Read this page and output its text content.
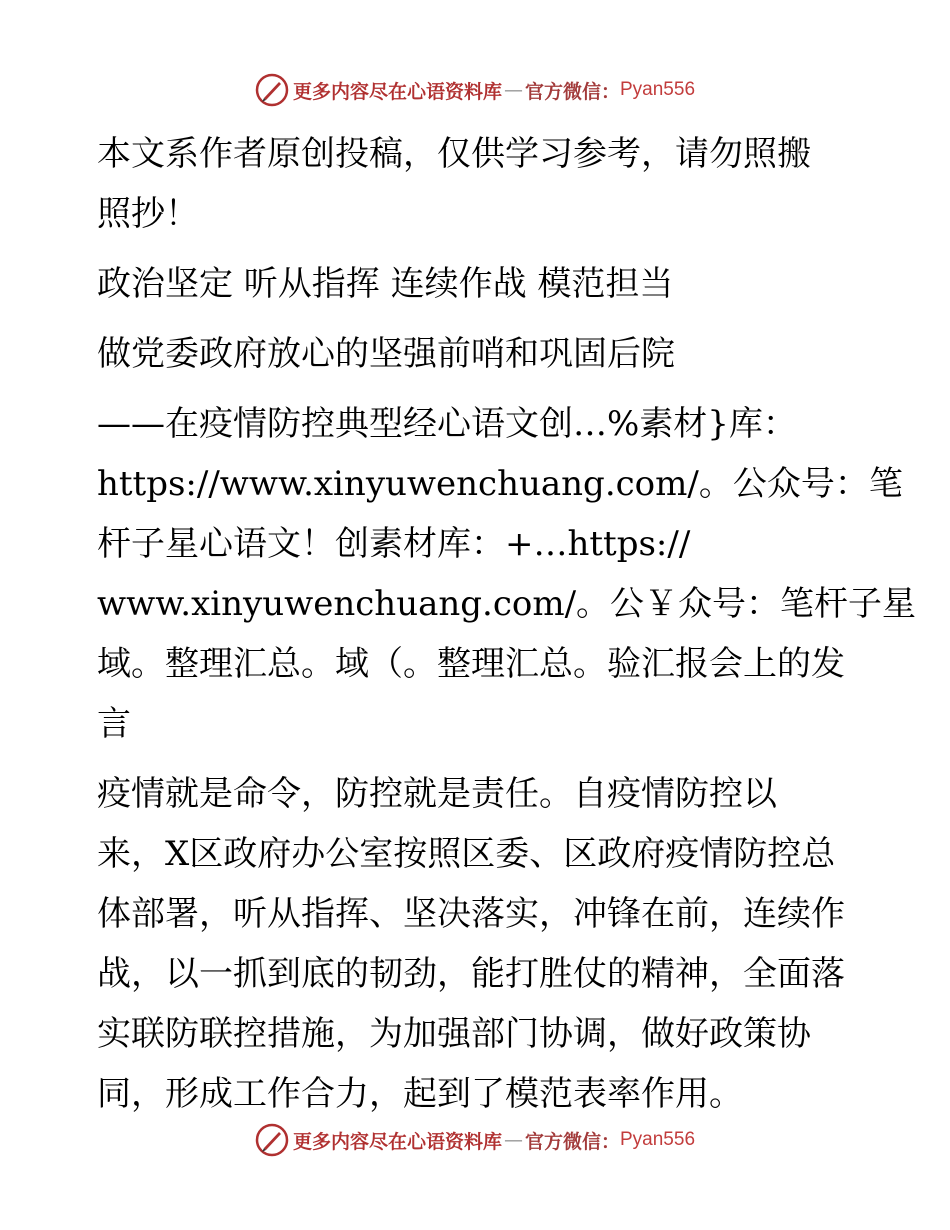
更多内容尽在心语资料库 — 官方微信： Pyan556

本文系作者原创投稿，仅供学习参考，请勿照搬
照抄！

政治坚定 听从指挥 连续作战 模范担当

做党委政府放心的坚强前哨和巩固后院

——在疫情防控典型经心语文创…%素材}库：
https://www.xinyuwenchuang.com/。公众号：笔
杆子星心语文！创素材库：+…https://
www.xinyuwenchuang.com/。公￥众号：笔杆子星
域。整理汇总。域（。整理汇总。验汇报会上的发
言

疫情就是命令，防控就是责任。自疫情防控以
来，X区政府办公室按照区委、区政府疫情防控总
体部署，听从指挥、坚决落实，冲锋在前，连续作
战，以一抓到底的韧劲，能打胜仗的精神，全面落
实联防联控措施，为加强部门协调，做好政策协
同，形成工作合力，起到了模范表率作用。

更多内容尽在心语资料库 — 官方微信： Pyan556
